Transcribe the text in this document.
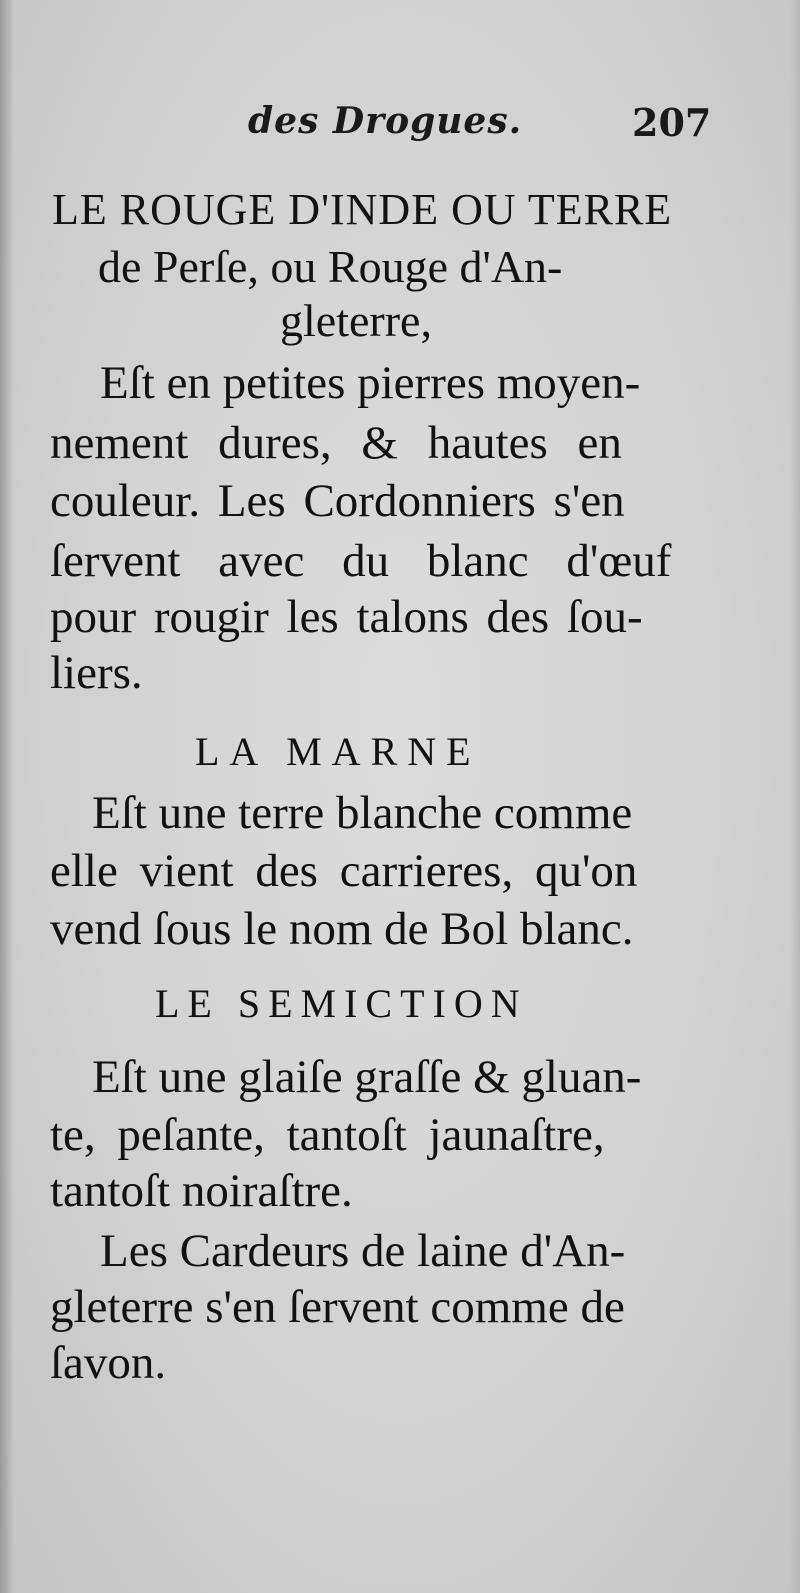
des Drogues.	207
LE ROUGE D'INDE OU TERRE
de Perſe, ou Rouge d'An-
gleterre,
Eſt en petites pierres moyen-
nement dures, & hautes en
couleur. Les Cordonniers s'en
ſervent avec du blanc d'œuf
pour rougir les talons des ſou-
liers.
LA MARNE
Eſt une terre blanche comme
elle vient des carrieres, qu'on
vend ſous le nom de Bol blanc.
LE SEMICTION
Eſt une glaiſe graſſe & gluan-
te, peſante, tantoſt jaunaſtre,
tantoſt noiraſtre.
Les Cardeurs de laine d'An-
gleterre s'en ſervent comme de
ſavon.
